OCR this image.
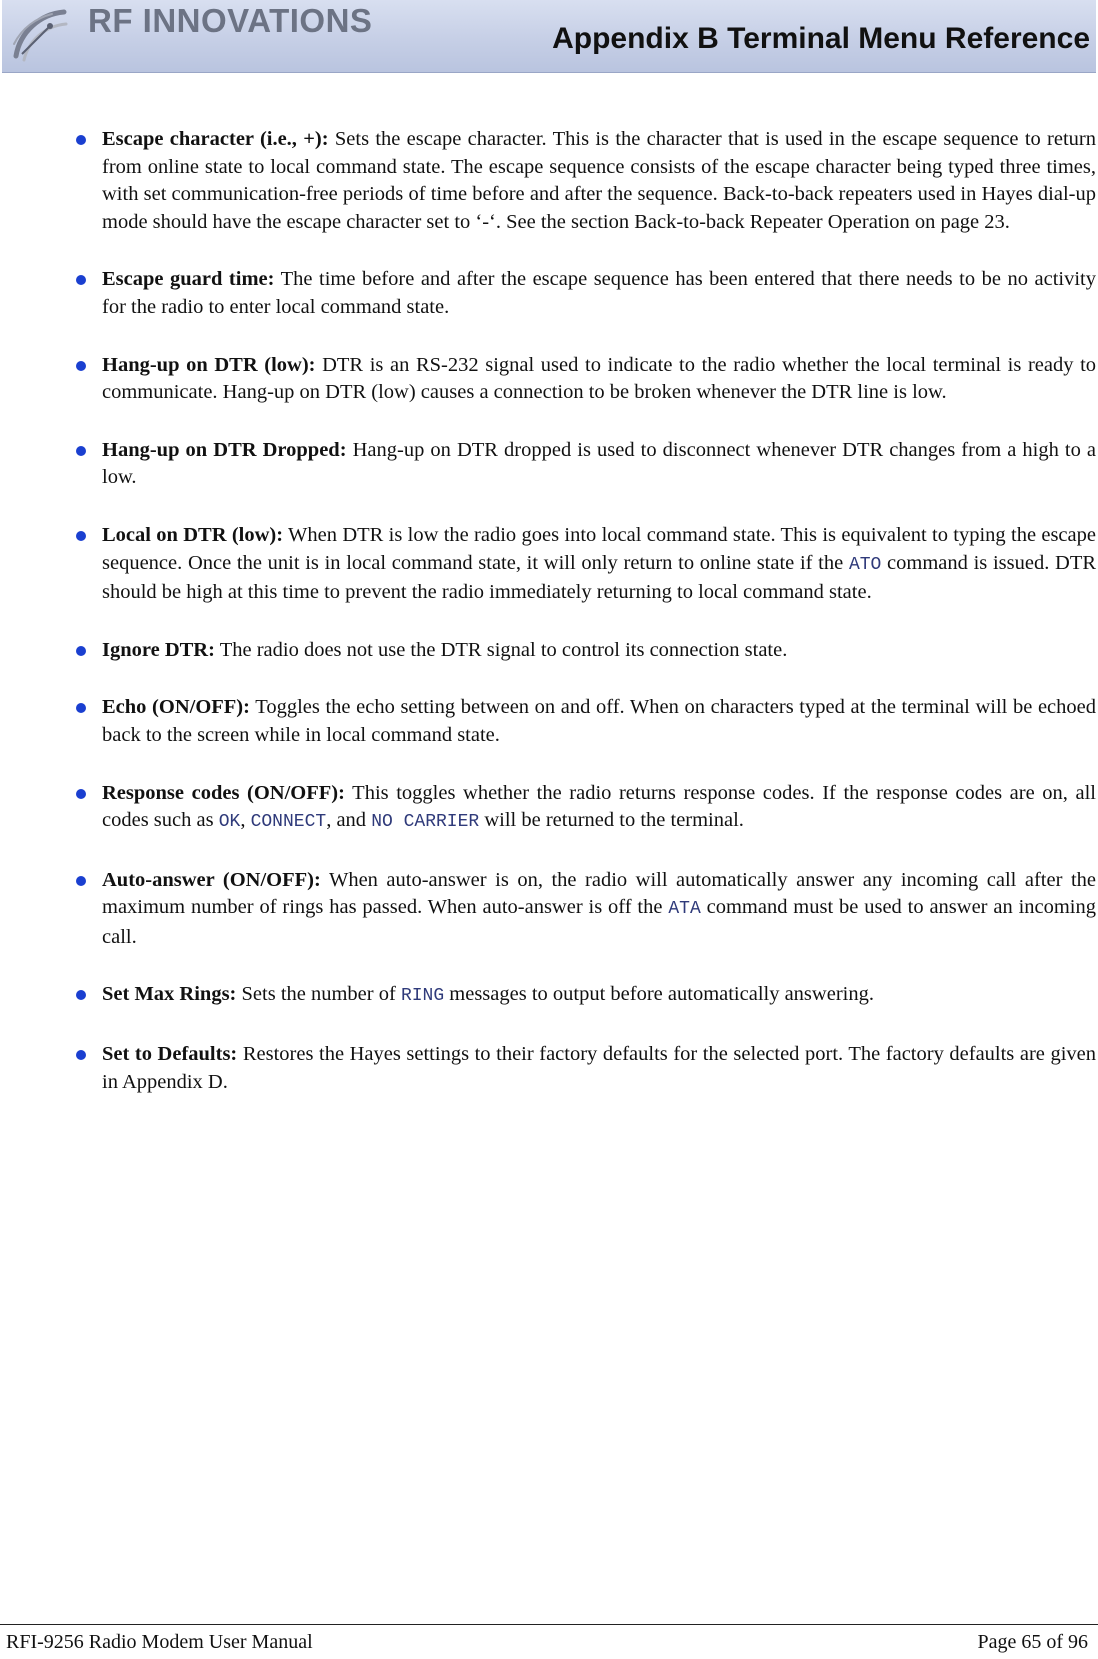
RF INNOVATIONS	Appendix B Terminal Menu Reference

Escape character (i.e., +): Sets the escape character. This is the character that is used in the escape sequence to return from online state to local command state. The escape sequence consists of the escape character being typed three times, with set communication-free periods of time before and after the sequence. Back-to-back repeaters used in Hayes dial-up mode should have the escape character set to ‘-‘. See the section Back-to-back Repeater Operation on page 23.

Escape guard time: The time before and after the escape sequence has been entered that there needs to be no activity for the radio to enter local command state.

Hang-up on DTR (low): DTR is an RS-232 signal used to indicate to the radio whether the local terminal is ready to communicate. Hang-up on DTR (low) causes a connection to be broken whenever the DTR line is low.

Hang-up on DTR Dropped: Hang-up on DTR dropped is used to disconnect whenever DTR changes from a high to a low.

Local on DTR (low): When DTR is low the radio goes into local command state. This is equivalent to typing the escape sequence. Once the unit is in local command state, it will only return to online state if the ATO command is issued. DTR should be high at this time to prevent the radio immediately returning to local command state.

Ignore DTR: The radio does not use the DTR signal to control its connection state.

Echo (ON/OFF): Toggles the echo setting between on and off. When on characters typed at the terminal will be echoed back to the screen while in local command state.

Response codes (ON/OFF): This toggles whether the radio returns response codes. If the response codes are on, all codes such as OK, CONNECT, and NO CARRIER will be returned to the terminal.

Auto-answer (ON/OFF): When auto-answer is on, the radio will automatically answer any incoming call after the maximum number of rings has passed. When auto-answer is off the ATA command must be used to answer an incoming call.

Set Max Rings: Sets the number of RING messages to output before automatically answering.

Set to Defaults: Restores the Hayes settings to their factory defaults for the selected port. The factory defaults are given in Appendix D.

RFI-9256 Radio Modem User Manual	Page 65 of 96
